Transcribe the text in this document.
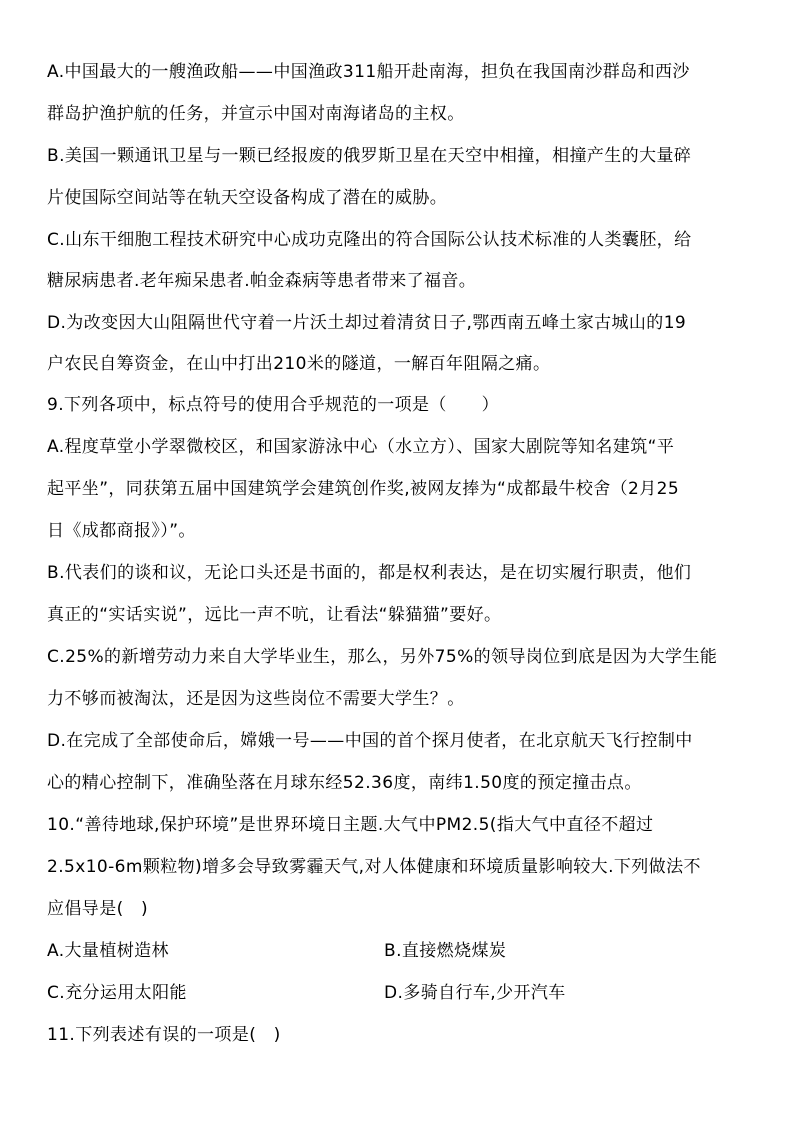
A.中国最大的一艘渔政船——中国渔政311船开赴南海，担负在我国南沙群岛和西沙
群岛护渔护航的任务，并宣示中国对南海诸岛的主权。
B.美国一颗通讯卫星与一颗已经报废的俄罗斯卫星在天空中相撞，相撞产生的大量碎
片使国际空间站等在轨天空设备构成了潜在的威胁。
C.山东干细胞工程技术研究中心成功克隆出的符合国际公认技术标准的人类囊胚，给
糖尿病患者.老年痴呆患者.帕金森病等患者带来了福音。
D.为改变因大山阻隔世代守着一片沃土却过着清贫日子,鄂西南五峰土家古城山的19
户农民自筹资金，在山中打出210米的隧道，一解百年阻隔之痛。
9.下列各项中，标点符号的使用合乎规范的一项是（　　）
A.程度草堂小学翠微校区，和国家游泳中心（水立方）、国家大剧院等知名建筑“平
起平坐”，同获第五届中国建筑学会建筑创作奖,被网友捧为“成都最牛校舍（2月25
日《成都商报》）”。
B.代表们的谈和议，无论口头还是书面的，都是权利表达，是在切实履行职责，他们
真正的“实话实说”，远比一声不吭，让看法“躲猫猫”要好。
C.25%的新增劳动力来自大学毕业生，那么，另外75%的领导岗位到底是因为大学生能
力不够而被淘汰，还是因为这些岗位不需要大学生？。
D.在完成了全部使命后，嫦娥一号——中国的首个探月使者，在北京航天飞行控制中
心的精心控制下，准确坠落在月球东经52.36度，南纬1.50度的预定撞击点。
10.“善待地球,保护环境”是世界环境日主题.大气中PM2.5(指大气中直径不超过
2.5x10-6m颗粒物)增多会导致雾霾天气,对人体健康和环境质量影响较大.下列做法不
应倡导是(　)
A.大量植树造林	B.直接燃烧煤炭
C.充分运用太阳能	D.多骑自行车,少开汽车
11.下列表述有误的一项是(　)
